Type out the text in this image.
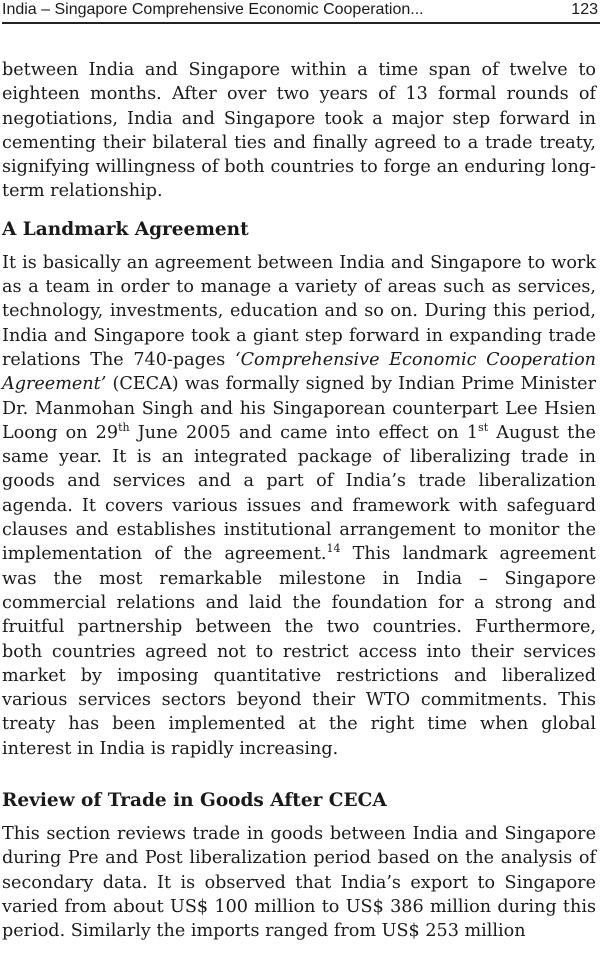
India – Singapore Comprehensive Economic Cooperation...	123

between India and Singapore within a time span of twelve to eighteen months. After over two years of 13 formal rounds of negotiations, India and Singapore took a major step forward in cementing their bilateral ties and finally agreed to a trade treaty, signifying willingness of both countries to forge an enduring long-term relationship.

A Landmark Agreement

It is basically an agreement between India and Singapore to work as a team in order to manage a variety of areas such as services, technology, investments, education and so on. During this period, India and Singapore took a giant step forward in expanding trade relations The 740-pages ‘Comprehensive Economic Cooperation Agreement’ (CECA) was formally signed by Indian Prime Minister Dr. Manmohan Singh and his Singaporean counterpart Lee Hsien Loong on 29th June 2005 and came into effect on 1st August the same year. It is an integrated package of liberalizing trade in goods and services and a part of India’s trade liberalization agenda. It covers various issues and framework with safeguard clauses and establishes institutional arrangement to monitor the implementation of the agreement.$^{14}$ This landmark agreement was the most remarkable milestone in India – Singapore commercial relations and laid the foundation for a strong and fruitful partnership between the two countries. Furthermore, both countries agreed not to restrict access into their services market by imposing quantitative restrictions and liberalized various services sectors beyond their WTO commitments. This treaty has been implemented at the right time when global interest in India is rapidly increasing.

Review of Trade in Goods After CECA

This section reviews trade in goods between India and Singapore during Pre and Post liberalization period based on the analysis of secondary data. It is observed that India’s export to Singapore varied from about US$ 100 million to US$ 386 million during this period. Similarly the imports ranged from US$ 253 million
